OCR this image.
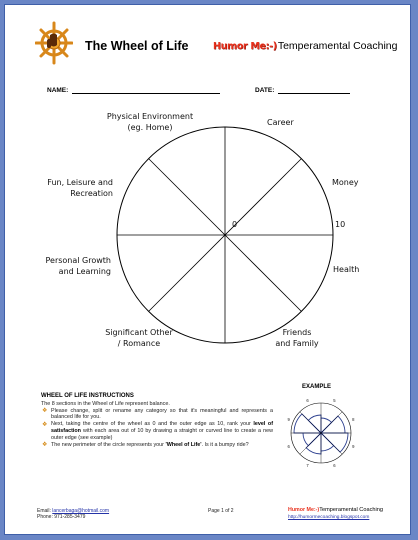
The Wheel of Life	Humor Me:-)Temperamental Coaching
NAME:	DATE:
Physical Environment
(eg. Home)
Career
Money
Fun, Leisure and
Recreation
0	10
Personal Growth
and Learning	Health
Significant Other
/ Romance
Friends
and Family
WHEEL OF LIFE INSTRUCTIONS
The 8 sections in the Wheel of Life represent balance.
❖ Please change, split or rename any category so that it's meaningful and represents a balanced life for you.
❖ Next, taking the centre of the wheel as 0 and the outer edge as 10, rank your level of satisfaction with each area out of 10 by drawing a straight or curved line to create a new outer edge (see example)
❖ The new perimeter of the circle represents your 'Wheel of Life'. Is it a bumpy ride?
EXAMPLE
5
8
9
6
7
6
9
6
Email: lancerbaga@hotmail.com
Phone: 971-285-3479
Page 1 of 2	Humor Me:-)Temperamental Coaching
http://humormecoaching.blogspot.com
